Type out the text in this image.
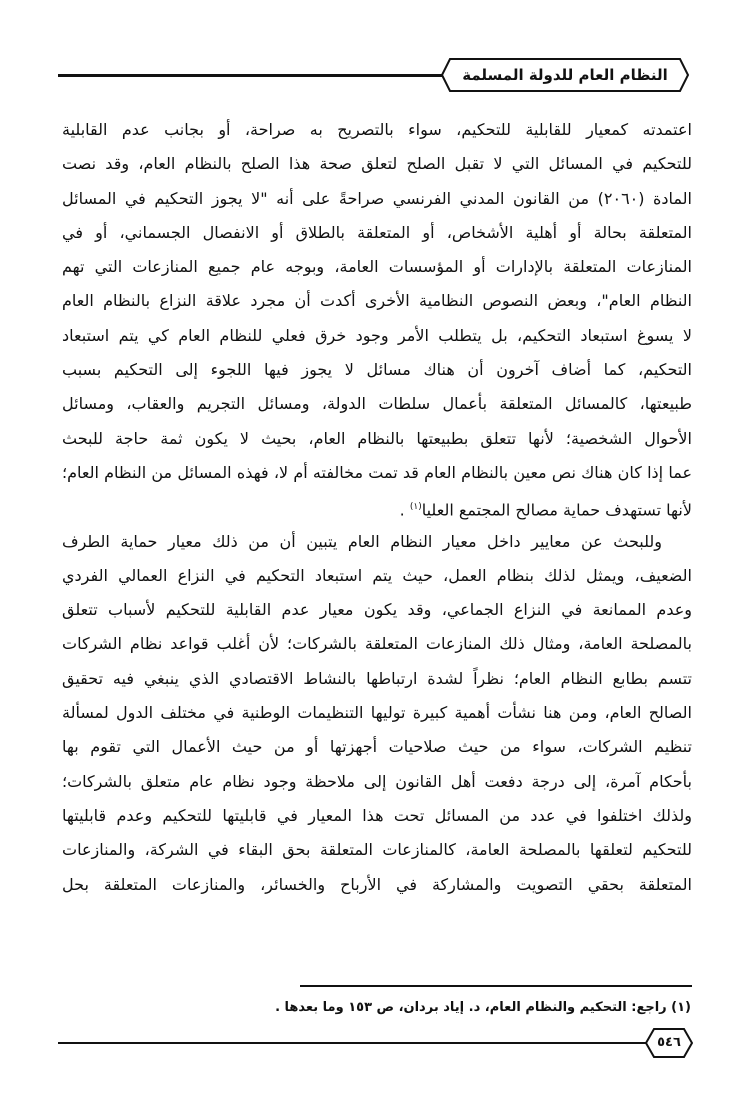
النظام العام للدولة المسلمة
اعتمدته كمعيار للقابلية للتحكيم، سواء بالتصريح به صراحة، أو بجانب عدم القابلية
للتحكيم في المسائل التي لا تقبل الصلح لتعلق صحة هذا الصلح بالنظام العام، وقد نصت
المادة (٢٠٦٠) من القانون المدني الفرنسي صراحةً على أنه "لا يجوز التحكيم في المسائل
المتعلقة بحالة أو أهلية الأشخاص، أو المتعلقة بالطلاق أو الانفصال الجسماني، أو في
المنازعات المتعلقة بالإدارات أو المؤسسات العامة، وبوجه عام جميع المنازعات التي تهم
النظام العام"، وبعض النصوص النظامية الأخرى أكدت أن مجرد علاقة النزاع بالنظام العام
لا يسوغ استبعاد التحكيم، بل يتطلب الأمر وجود خرق فعلي للنظام العام كي يتم استبعاد
التحكيم، كما أضاف آخرون أن هناك مسائل لا يجوز فيها اللجوء إلى التحكيم بسبب
طبيعتها، كالمسائل المتعلقة بأعمال سلطات الدولة، ومسائل التجريم والعقاب، ومسائل
الأحوال الشخصية؛ لأنها تتعلق بطبيعتها بالنظام العام، بحيث لا يكون ثمة حاجة للبحث
عما إذا كان هناك نص معين بالنظام العام قد تمت مخالفته أم لا، فهذه المسائل من النظام العام؛
لأنها تستهدف حماية مصالح المجتمع العليا$^{(١)}$ .
وللبحث عن معايير داخل معيار النظام العام يتبين أن من ذلك معيار حماية الطرف
الضعيف، ويمثل لذلك بنظام العمل، حيث يتم استبعاد التحكيم في النزاع العمالي الفردي
وعدم الممانعة في النزاع الجماعي، وقد يكون معيار عدم القابلية للتحكيم لأسباب تتعلق
بالمصلحة العامة، ومثال ذلك المنازعات المتعلقة بالشركات؛ لأن أغلب قواعد نظام الشركات
تتسم بطابع النظام العام؛ نظراً لشدة ارتباطها بالنشاط الاقتصادي الذي ينبغي فيه تحقيق
الصالح العام، ومن هنا نشأت أهمية كبيرة توليها التنظيمات الوطنية في مختلف الدول لمسألة
تنظيم الشركات، سواء من حيث صلاحيات أجهزتها أو من حيث الأعمال التي تقوم بها
بأحكام آمرة، إلى درجة دفعت أهل القانون إلى ملاحظة وجود نظام عام متعلق بالشركات؛
ولذلك اختلفوا في عدد من المسائل تحت هذا المعيار في قابليتها للتحكيم وعدم قابليتها
للتحكيم لتعلقها بالمصلحة العامة، كالمنازعات المتعلقة بحق البقاء في الشركة، والمنازعات
المتعلقة بحقي التصويت والمشاركة في الأرباح والخسائر، والمنازعات المتعلقة بحل
(١) راجع: التحكيم والنظام العام، د. إياد بردان، ص ١٥٣ وما بعدها .
٥٤٦
